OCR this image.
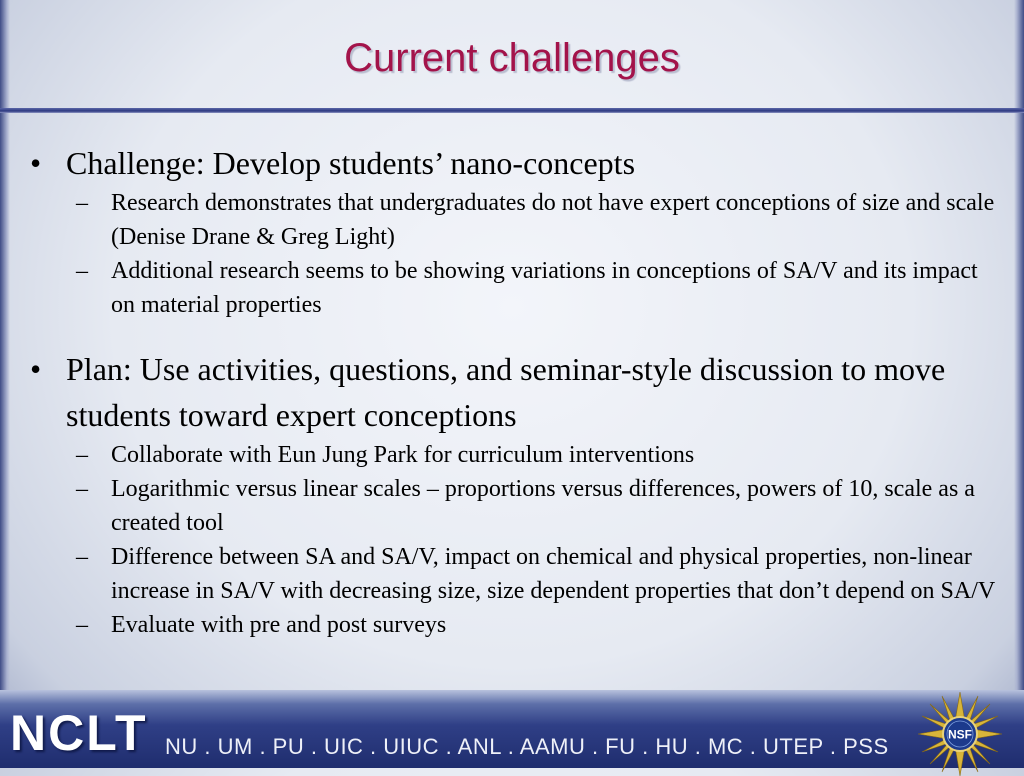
Current challenges
• Challenge: Develop students’ nano-concepts
– Research demonstrates that undergraduates do not have expert conceptions of size and scale (Denise Drane & Greg Light)
– Additional research seems to be showing variations in conceptions of SA/V and its impact on material properties
• Plan: Use activities, questions, and seminar-style discussion to move students toward expert conceptions
– Collaborate with Eun Jung Park for curriculum interventions
– Logarithmic versus linear scales – proportions versus differences, powers of 10, scale as a created tool
– Difference between SA and SA/V, impact on chemical and physical properties, non-linear increase in SA/V with decreasing size, size dependent properties that don’t depend on SA/V
– Evaluate with pre and post surveys
NCLT NU . UM . PU . UIC . UIUC . ANL . AAMU . FU . HU . MC . UTEP . PSS	NSF
